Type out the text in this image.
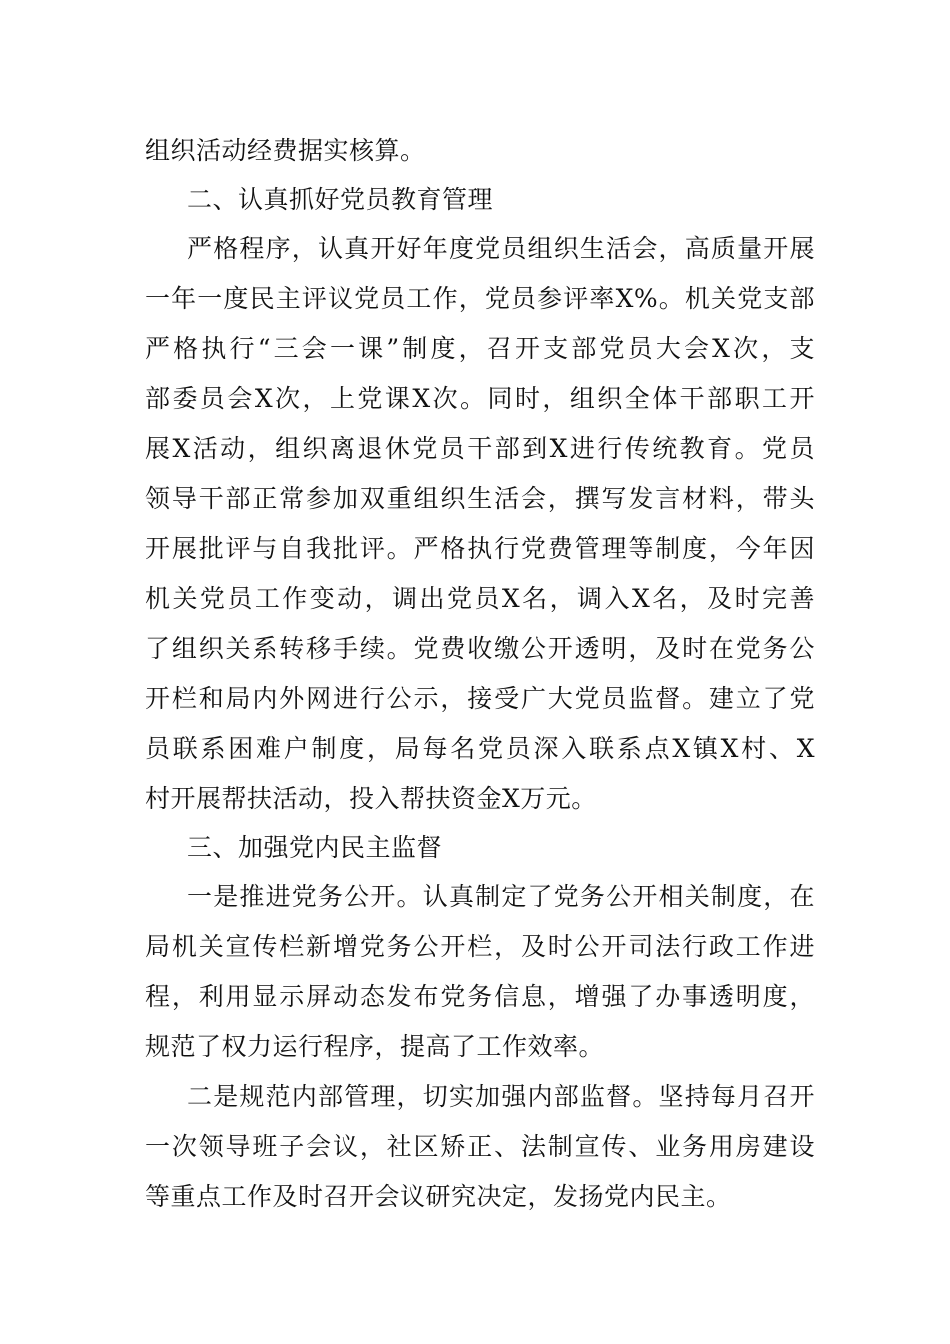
组织活动经费据实核算。
二、认真抓好党员教育管理
严格程序，认真开好年度党员组织生活会，高质量开展
一年一度民主评议党员工作，党员参评率X%。机关党支部
严格执行“三会一课”制度，召开支部党员大会X次，支
部委员会X次，上党课X次。同时，组织全体干部职工开
展X活动，组织离退休党员干部到X进行传统教育。党员
领导干部正常参加双重组织生活会，撰写发言材料，带头
开展批评与自我批评。严格执行党费管理等制度，今年因
机关党员工作变动，调出党员X名，调入X名，及时完善
了组织关系转移手续。党费收缴公开透明，及时在党务公
开栏和局内外网进行公示，接受广大党员监督。建立了党
员联系困难户制度，局每名党员深入联系点X镇X村、X
村开展帮扶活动，投入帮扶资金X万元。
三、加强党内民主监督
一是推进党务公开。认真制定了党务公开相关制度，在
局机关宣传栏新增党务公开栏，及时公开司法行政工作进
程，利用显示屏动态发布党务信息，增强了办事透明度，
规范了权力运行程序，提高了工作效率。
二是规范内部管理，切实加强内部监督。坚持每月召开
一次领导班子会议，社区矫正、法制宣传、业务用房建设
等重点工作及时召开会议研究决定，发扬党内民主。
